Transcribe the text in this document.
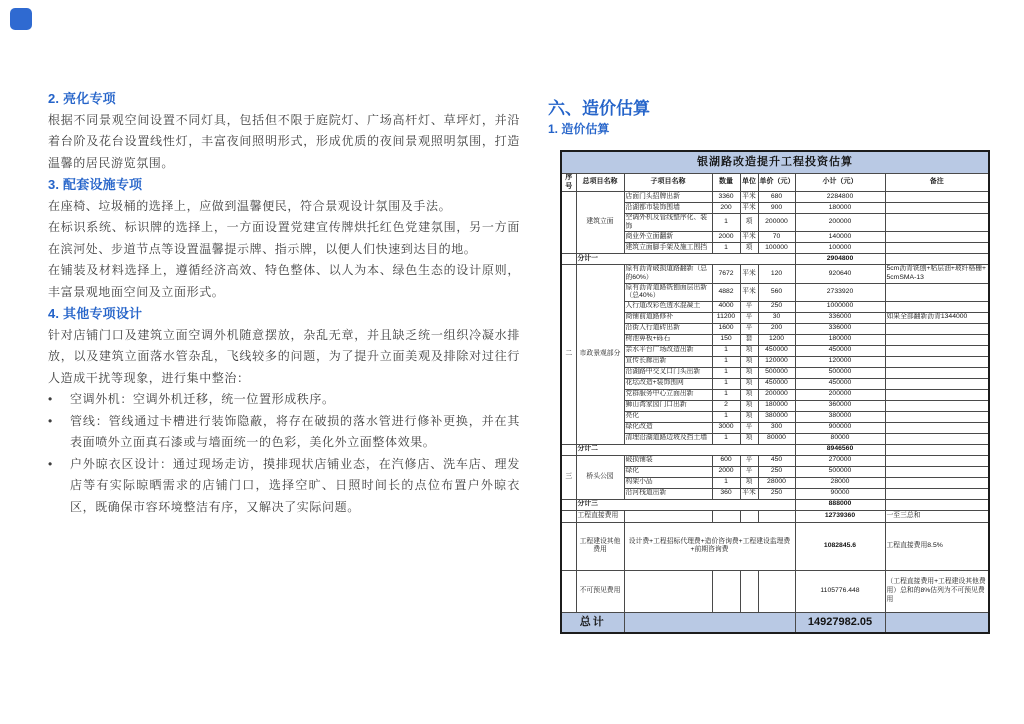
2. 亮化专项

根据不同景观空间设置不同灯具，包括但不限于庭院灯、广场高杆灯、草坪灯，并沿着台阶及花台设置线性灯，丰富夜间照明形式，形成优质的夜间景观照明氛围，打造温馨的居民游览氛围。

3. 配套设施专项

在座椅、垃圾桶的选择上，应做到温馨便民，符合景观设计氛围及手法。

在标识系统、标识牌的选择上，一方面设置党建宣传牌烘托红色党建氛围，另一方面在滨河处、步道节点等设置温馨提示牌、指示牌，以便人们快速到达目的地。

在铺装及材料选择上，遵循经济高效、特色整体、以人为本、绿色生态的设计原则，丰富景观地面空间及立面形式。

4. 其他专项设计

针对店铺门口及建筑立面空调外机随意摆放，杂乱无章，并且缺乏统一组织冷凝水排放，以及建筑立面落水管杂乱，飞线较多的问题，为了提升立面美观及排除对过往行人造成干扰等现象，进行集中整治：

•	空调外机：空调外机迁移，统一位置形成秩序。
•	管线：管线通过卡槽进行装饰隐蔽，将存在破损的落水管进行修补更换，并在其表面喷外立面真石漆或与墙面统一的色彩，美化外立面整体效果。
•	户外晾衣区设计：通过现场走访，摸排现状店铺业态，在汽修店、洗车店、理发店等有实际晾晒需求的店铺门口，选择空旷、日照时间长的点位布置户外晾衣区，既确保市容环境整洁有序，又解决了实际问题。
六、造价估算
1. 造价估算
银湖路改造提升工程投资估算							
序号	总项目名称	子项目名称	数量	单位	单价（元）	小计（元）	备注
	建筑立面	店面门头招牌出新	3360	平米	680	2284800	
		沿湖都市装饰围墙	200	平米	900	180000	
		空调外机及管线整序化、装饰	1	项	200000	200000	
		商业外立面翻新	2000	平米	70	140000	
		建筑立面脚手架及施工围挡	1	项	100000	100000	
	分计一					2904800	
二	市政景观部分	原有沥青破损道路翻新（总的60%）	7672	平米	120	920640	5cm沥青铣刨+粘层油+玻纤格栅+5cmSMA-13
		原有沥青道路铣刨面层出新（总40%）	4882	平米	560	2733920	
		人行道改彩色透水混凝土	4000	平	250	1000000	
		商铺前道路修补	11200	平	30	336000	如果全部翻新沥青1344000
		沿街人行道砖出新	1600	平	200	336000	
		树池箅板+砾石	150	套	1200	180000	
		亲水平台广场改造出新	1	项	450000	450000	
		宣传长廊出新	1	项	120000	120000	
		沿湖路中交叉口门头出新	1	项	500000	500000	
		花坛改造+装饰围网	1	项	450000	450000	
		党群服务中心立面出新	1	项	200000	200000	
		狮山湾家园门口出新	2	项	180000	360000	
		亮化	1	项	380000	380000	
		绿化改造	3000	平	300	900000	
		清理沿湖道路边坡及挡土墙	1	项	80000	80000	
	分计二					8946560	
三	桥头公园	破损铺装	600	平	450	270000	
		绿化	2000	平	250	500000	
		构架小品	1	项	28000	28000	
		沿河栈道出新	360	平米	250	90000	
	分计三					888000	
	工程直接费用					12739360	一至三总和
	工程建设其他费用	设计费+工程招标代理费+造价咨询费+工程建设监理费+前期咨询费				1082845.6	工程直接费用8.5%
	不可预见费用					1105776.448	（工程直接费用+工程建设其他费用）总和的8%估列为不可预见费用
总计						14927982.05	
